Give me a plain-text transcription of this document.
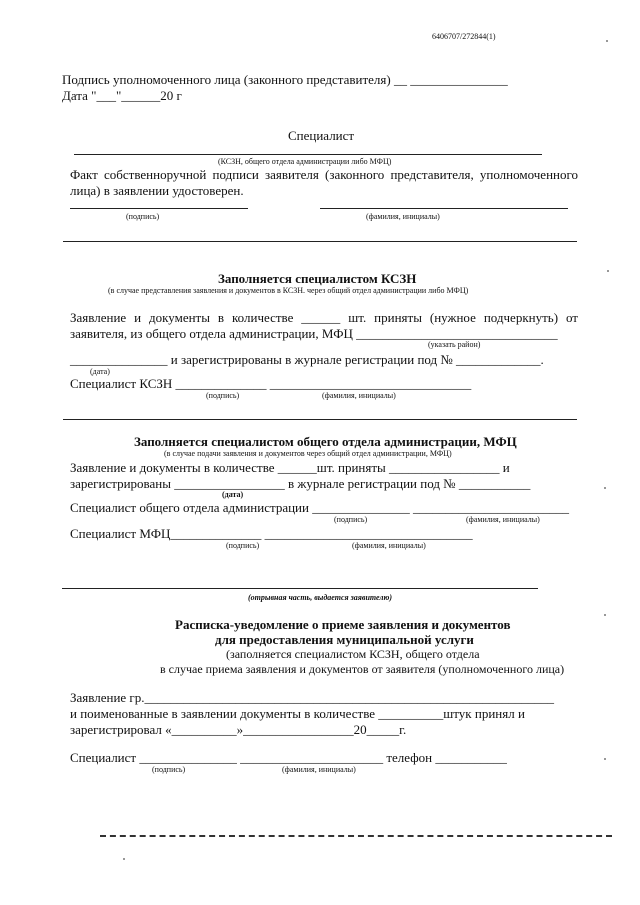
6406707/272844(1)
Подпись уполномоченного лица (законного представителя) __ _______________
Дата "___"______20 г
Специалист
(КСЗН, общего отдела администрации либо МФЦ)
Факт собственноручной подписи заявителя (законного представителя, уполномоченного
лица) в заявлении удостоверен.
(подпись)	(фамилия, инициалы)
Заполняется специалистом КСЗН
(в случае представления заявления и документов в КСЗН. через общий отдел администрации либо МФЦ)
Заявление и документы в количестве ______ шт. приняты (нужное подчеркнуть) от
заявителя, из общего отдела администрации, МФЦ _______________________________
(указать район)
_______________ и зарегистрированы в журнале регистрации под № _____________.
(дата)
Специалист КСЗН ______________ _______________________________
(подпись)	(фамилия, инициалы)
Заполняется специалистом общего отдела администрации, МФЦ
(в случае подачи заявления и документов через общий отдел администрации, МФЦ)
Заявление и документы в количестве ______шт. приняты _________________ и
зарегистрированы _________________ в журнале регистрации под № ___________
(дата)
Специалист общего отдела администрации _______________ ________________________
(подпись)	(фамилия, инициалы)
Специалист МФЦ______________ ________________________________
(подпись)	(фамилия, инициалы)
(отрывная часть, выдается заявителю)
Расписка-уведомление о приеме заявления и документов
для предоставления муниципальной услуги
(заполняется специалистом КСЗН, общего отдела
в случае приема заявления и документов от заявителя (уполномоченного лица)
Заявление гр._______________________________________________________________
и поименованные в заявлении документы в количестве __________штук принял и
зарегистрировал «__________»_________________20_____г.
Специалист _______________ ______________________ телефон ___________
(подпись)	(фамилия, инициалы)
